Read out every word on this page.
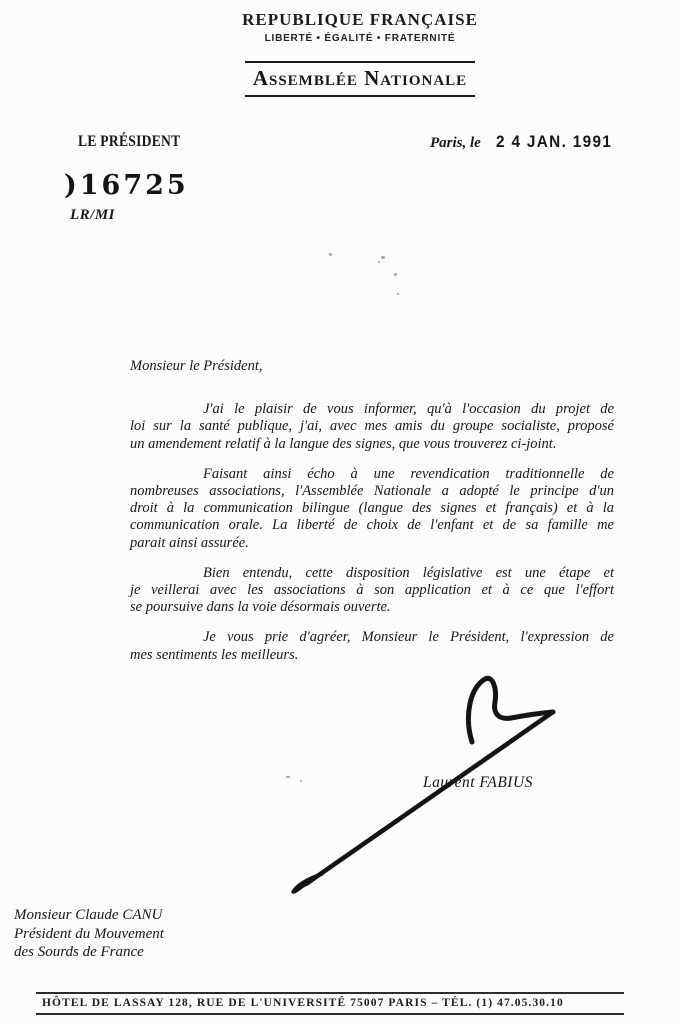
REPUBLIQUE FRANÇAISE
LIBERTÉ • ÉGALITÉ • FRATERNITÉ
Assemblée Nationale
LE PRÉSIDENT	Paris, le 2 4 JAN. 1991
)16725
LR/MI
Monsieur le Président,
J'ai le plaisir de vous informer, qu'à l'occasion du projet de
loi sur la santé publique, j'ai, avec mes amis du groupe socialiste, proposé
un amendement relatif à la langue des signes, que vous trouverez ci-joint.
Faisant ainsi écho à une revendication traditionnelle de
nombreuses associations, l'Assemblée Nationale a adopté le principe d'un
droit à la communication bilingue (langue des signes et français) et à la
communication orale. La liberté de choix de l'enfant et de sa famille me
parait ainsi assurée.
Bien entendu, cette disposition législative est une étape et
je veillerai avec les associations à son application et à ce que l'effort
se poursuive dans la voie désormais ouverte.
Je vous prie d'agréer, Monsieur le Président, l'expression de
mes sentiments les meilleurs.
Laurent FABIUS
Monsieur Claude CANU
Président du Mouvement
des Sourds de France
HÔTEL DE LASSAY 128, RUE DE L'UNIVERSITÉ 75007 PARIS – TÉL. (1) 47.05.30.10
